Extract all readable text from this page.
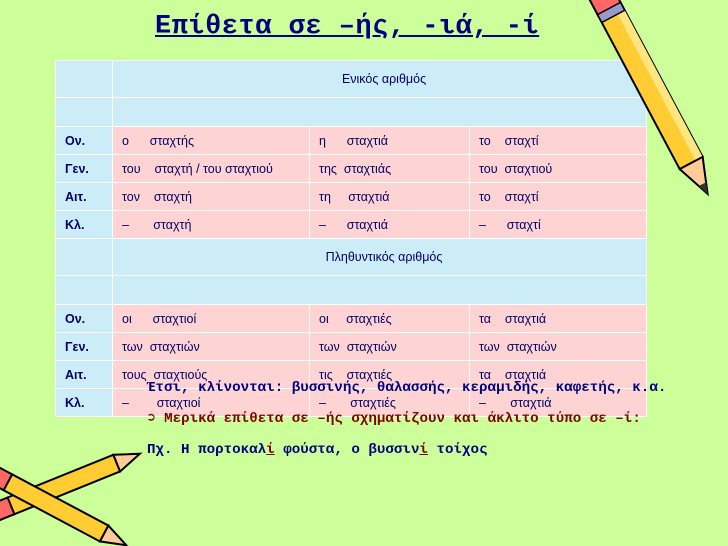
Επίθετα σε –ής, -ιά, -ί
	Ενικός αριθμός		

Ον.	ο      σταχτής	η      σταχτιά	το    σταχτί
Γεν.	του    σταχτή / του σταχτιού	της  σταχτιάς	του  σταχτιού
Αιτ.	τον    σταχτή	τη     σταχτιά	το    σταχτί
Κλ.	–       σταχτή	–      σταχτιά	–      σταχτί
	Πληθυντικός αριθμός		

Ον.	οι      σταχτιοί	οι     σταχτιές	τα    σταχτιά
Γεν.	των  σταχτιών	των  σταχτιών	των  σταχτιών
Αιτ.	τους  σταχτιούς	τις    σταχτιές	τα    σταχτιά
Κλ.	–        σταχτιοί	–       σταχτιές	–       σταχτιά

Έτσι, κλίνονται: βυσσινής, θαλασσής, κεραμιδής, καφετής, κ.α.

➲ Μερικά επίθετα σε –ής σχηματίζουν και άκλιτο τύπο σε –ί:

Πχ. Η πορτοκαλί φούστα, ο βυσσινί τοίχος
